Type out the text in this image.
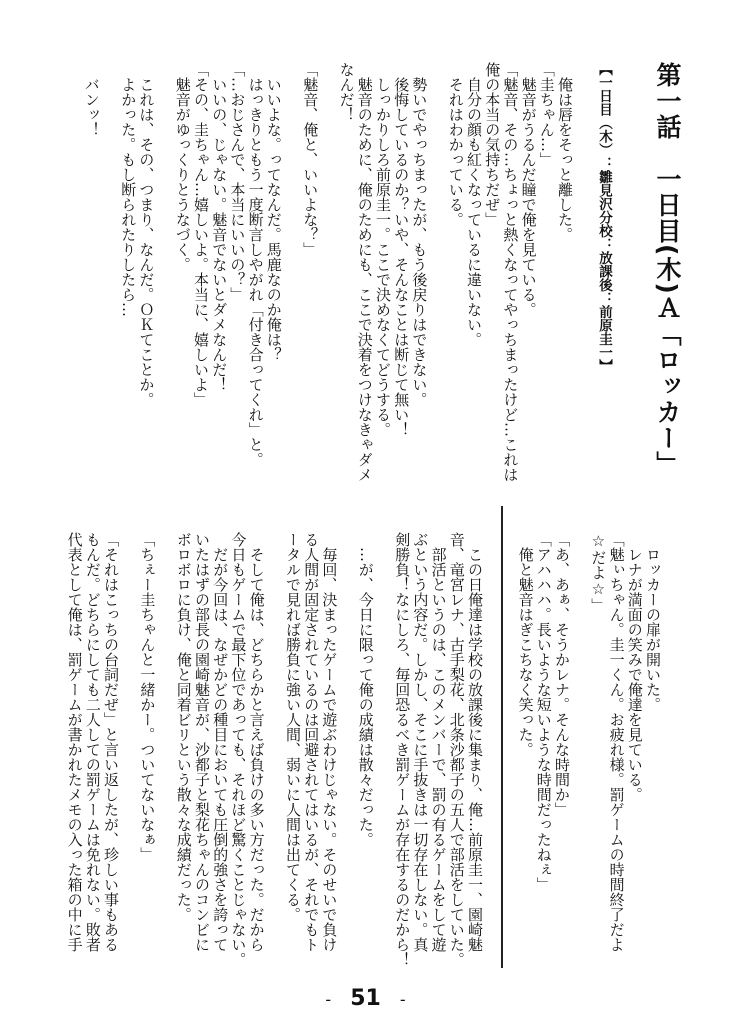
第一話　一日目(木)Ａ「ロッカー」
【一日目（木）：雛見沢分校：放課後：前原圭一】
　俺は唇をそっと離した。
「圭ちゃん…」
　魅音がうるんだ瞳で俺を見ている。
「魅音、その…ちょっと熱くなってやっちまったけど…これは
俺の本当の気持ちだぜ」
　自分の顔も紅くなっているに違いない。
　それはわかっている。
　勢いでやっちまったが、もう後戻りはできない。
　後悔しているのか？いや、そんなことは断じて無い！
　しっかりしろ前原圭一。ここで決めなくてどうする。
　魅音のために、俺のためにも、ここで決着をつけなきゃダメ
なんだ！
「魅音、俺と、いいよな？」
　いいよな。ってなんだ。馬鹿なのか俺は？
　はっきりともう一度断言しやがれ「付き合ってくれ」と。
「…おじさんで、本当にいいの？」
　いいの、じゃない。魅音でないとダメなんだ！
「その、圭ちゃん…嬉しいよ。本当に、嬉しいよ」
　魅音がゆっくりとうなづく。
　これは、その、つまり、なんだ。ＯＫてことか。
　よかった。もし断られたりしたら…
　バンッ！
　ロッカーの扉が開いた。
　レナが満面の笑みで俺達を見ている。
「魅ぃちゃん。圭一くん。お疲れ様。罰ゲームの時間終了だよ
☆だよ☆」
「あ、あぁ、そうかレナ。そんな時間か」
「アハハハ。長いような短いような時間だったねぇ」
　俺と魅音はぎこちなく笑った。
　この日俺達は学校の放課後に集まり、俺…前原圭一、園崎魅
音、竜宮レナ、古手梨花、北条沙都子の五人で部活をしていた。
　部活というのは、このメンバーで、罰の有るゲームをして遊
ぶという内容だ。しかし、そこに手抜きは一切存在しない。真
剣勝負！なにしろ、毎回恐るべき罰ゲームが存在するのだから！
　…が、今日に限って俺の成績は散々だった。
　毎回、決まったゲームで遊ぶわけじゃない。そのせいで負け
る人間が固定されているのは回避されてはいるが、それでもト
ータルで見れば勝負に強い人間、弱いに人間は出てくる。
　そして俺は、どちらかと言えば負けの多い方だった。だから
今日もゲームで最下位であっても、それほど驚くことじゃない。
　だが今回は、なぜかどの種目においても圧倒的強さを誇って
いたはずの部長の園崎魅音が、沙都子と梨花ちゃんのコンビに
ボロボロに負け、俺と同着ビリという散々な成績だった。
「ちぇー圭ちゃんと一緒かー。ついてないなぁ」
「それはこっちの台詞だぜ」と言い返したが、珍しい事もある
もんだ。どちらにしても二人しての罰ゲームは免れない。敗者
代表として俺は、罰ゲームが書かれたメモの入った箱の中に手
- 51 -
